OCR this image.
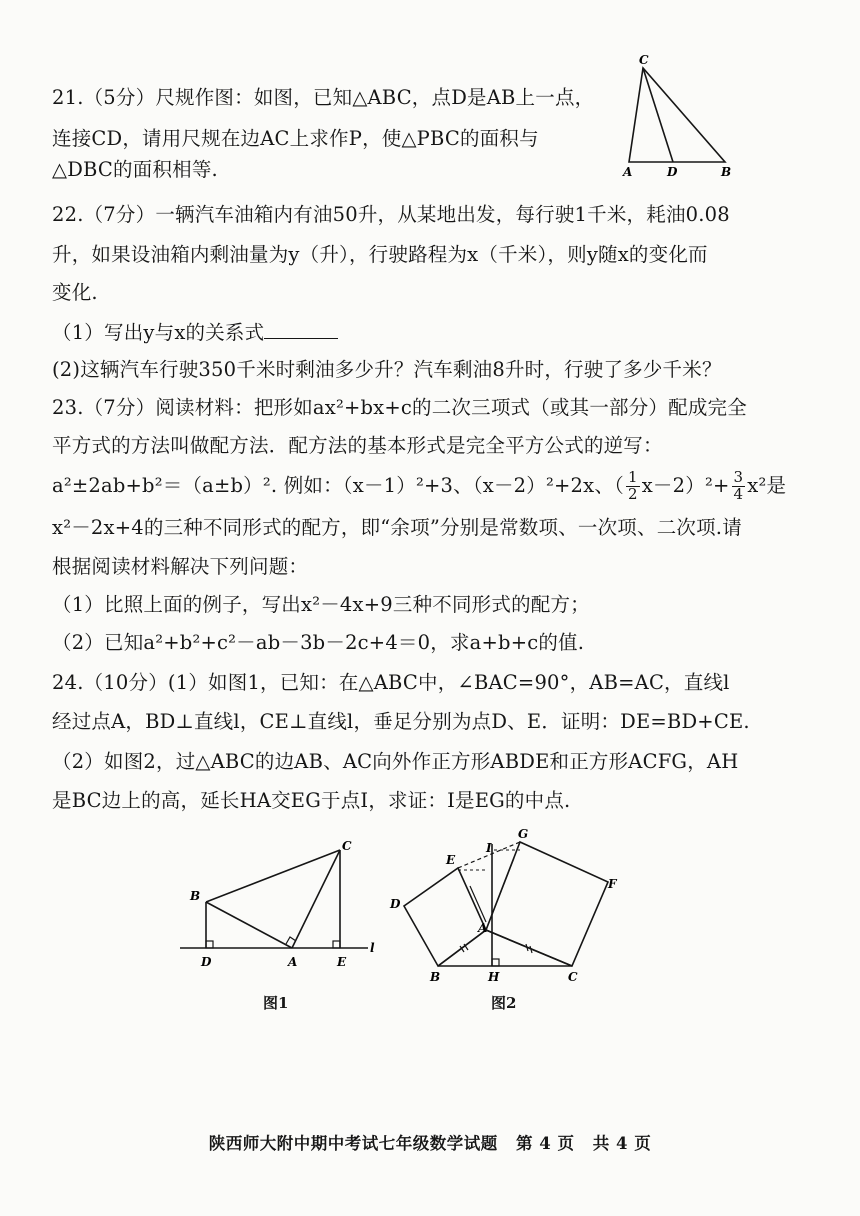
21.（5分）尺规作图：如图，已知△ABC，点D是AB上一点，
连接CD，请用尺规在边AC上求作P，使△PBC的面积与
△DBC的面积相等.
C
A	D	B
22.（7分）一辆汽车油箱内有油50升，从某地出发，每行驶1千米，耗油0.08
升，如果设油箱内剩油量为y（升），行驶路程为x（千米），则y随x的变化而
变化.
（1）写出y与x的关系式
(2)这辆汽车行驶350千米时剩油多少升？汽车剩油8升时，行驶了多少千米？
23.（7分）阅读材料：把形如ax²+bx+c的二次三项式（或其一部分）配成完全
平方式的方法叫做配方法．配方法的基本形式是完全平方公式的逆写：
a²±2ab+b²＝（a±b）². 例如：（x－1）²+3、（x－2）²+2x、（ $\frac{1}{2} x-2)^2+ \frac{3}{4} x^2$是
x²－2x+4的三种不同形式的配方，即“余项”分别是常数项、一次项、二次项.请
根据阅读材料解决下列问题：
（1）比照上面的例子，写出x²－4x+9三种不同形式的配方；
（2）已知a²+b²+c²－ab－3b－2c+4＝0，求a+b+c的值.
24.（10分）(1）如图1，已知：在△ABC中，∠BAC=90°，AB=AC，直线l
经过点A，BD⊥直线l，CE⊥直线l，垂足分别为点D、E．证明：DE=BD+CE.
（2）如图2，过△ABC的边AB、AC向外作正方形ABDE和正方形ACFG，AH
是BC边上的高，延长HA交EG于点I，求证：I是EG的中点.
B
C
D	A	E
l
图1
G
I
E
D
F
A
B	H	C
图2
陕西师大附中期中考试七年级数学试题 第 4 页 共 4 页
